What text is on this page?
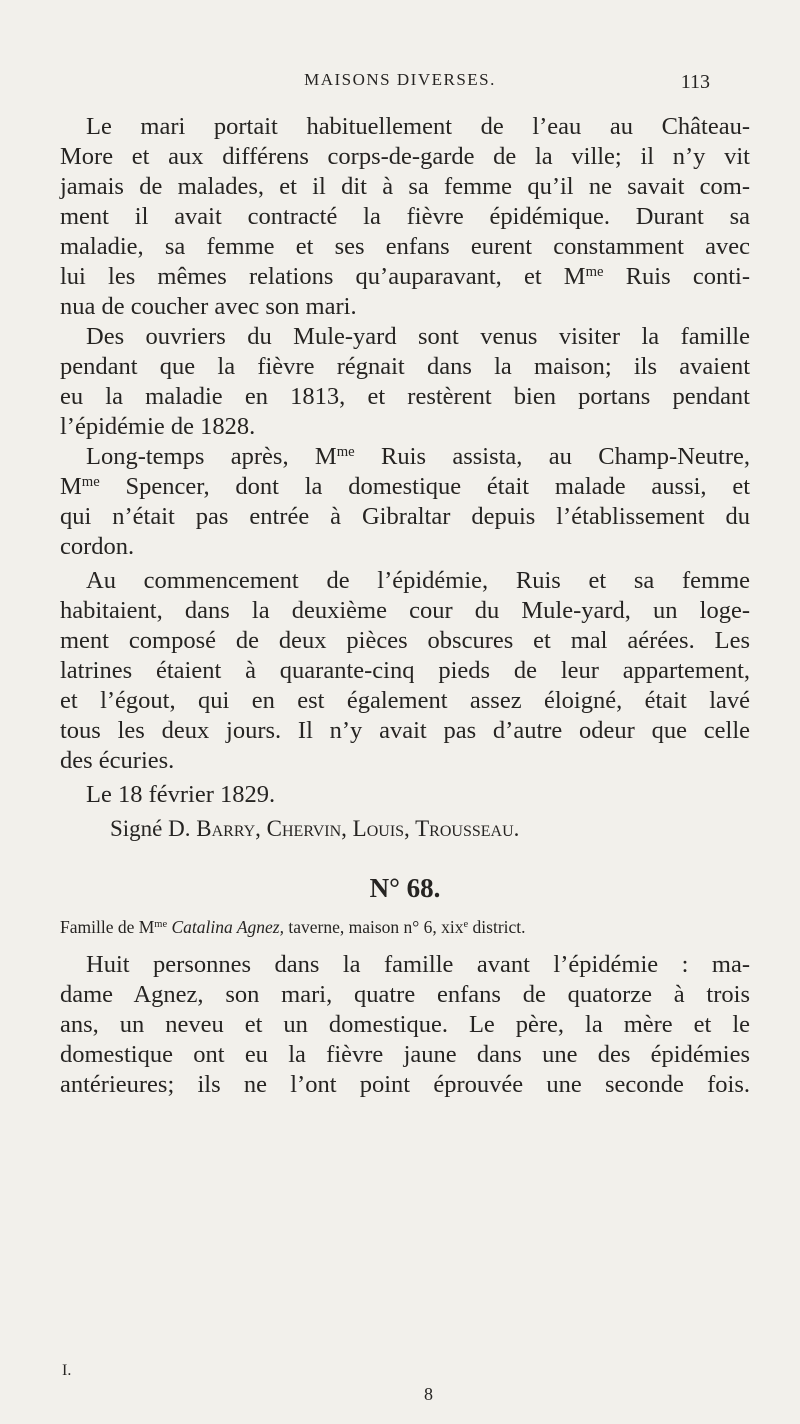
MAISONS DIVERSES.	113
Le mari portait habituellement de l’eau au Château-
More et aux différens corps-de-garde de la ville; il n’y vit
jamais de malades, et il dit à sa femme qu’il ne savait com-
ment il avait contracté la fièvre épidémique. Durant sa
maladie, sa femme et ses enfans eurent constamment avec
lui les mêmes relations qu’auparavant, et $M^{me}$ Ruis conti-
nua de coucher avec son mari.
Des ouvriers du Mule-yard sont venus visiter la famille
pendant que la fièvre régnait dans la maison; ils avaient
eu la maladie en 1813, et restèrent bien portans pendant
l’épidémie de 1828.
Long-temps après, $M^{me}$ Ruis assista, au Champ-Neutre,
$M^{me}$ Spencer, dont la domestique était malade aussi, et
qui n’était pas entrée à Gibraltar depuis l’établissement du
cordon.
Au commencement de l’épidémie, Ruis et sa femme
habitaient, dans la deuxième cour du Mule-yard, un loge-
ment composé de deux pièces obscures et mal aérées. Les
latrines étaient à quarante-cinq pieds de leur appartement,
et l’égout, qui en est également assez éloigné, était lavé
tous les deux jours. Il n’y avait pas d’autre odeur que celle
des écuries.
Le 18 février 1829.
Signé D. Barry, Chervin, Louis, Trousseau.
N° 68.
Famille de $M^{me}$ Catalina Agnez, taverne, maison n° 6, xix$^e$ district.
Huit personnes dans la famille avant l’épidémie : ma-
dame Agnez, son mari, quatre enfans de quatorze à trois
ans, un neveu et un domestique. Le père, la mère et le
domestique ont eu la fièvre jaune dans une des épidémies
antérieures; ils ne l’ont point éprouvée une seconde fois.
I.
8
